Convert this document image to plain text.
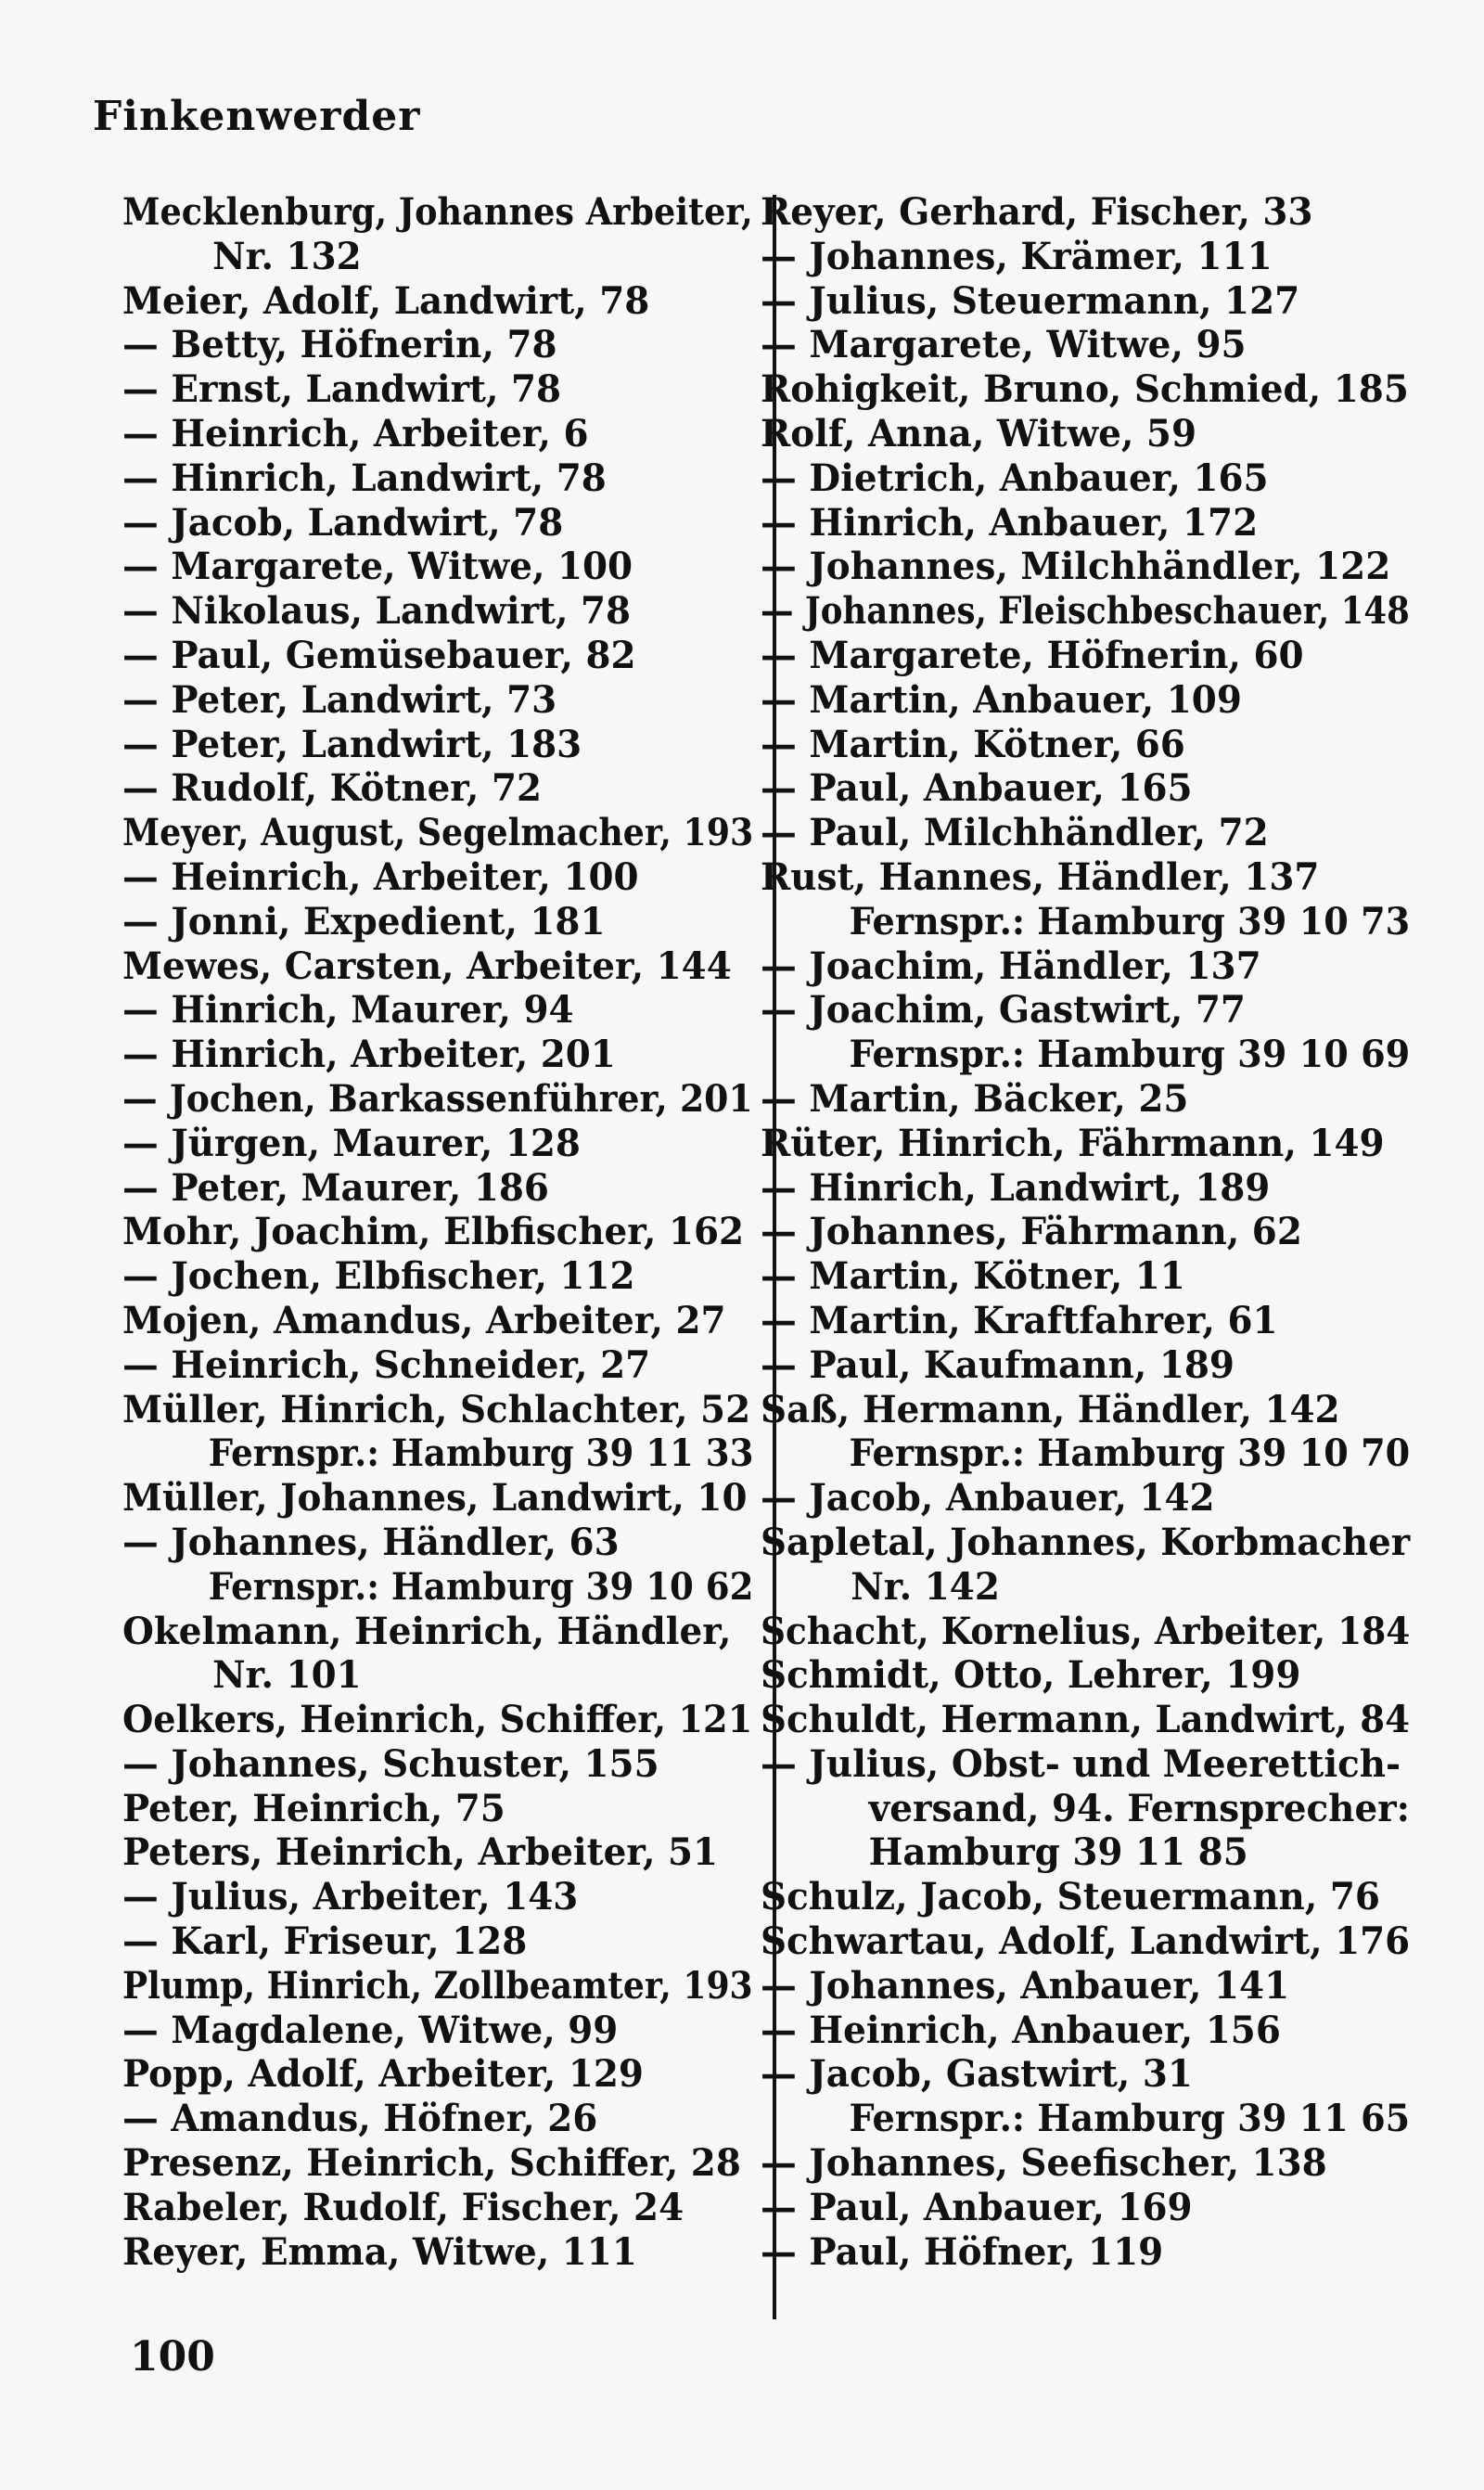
Finkenwerder
Mecklenburg, Johannes Arbeiter,
Nr. 132
Meier, Adolf, Landwirt, 78
— Betty, Höfnerin, 78
— Ernst, Landwirt, 78
— Heinrich, Arbeiter, 6
— Hinrich, Landwirt, 78
— Jacob, Landwirt, 78
— Margarete, Witwe, 100
— Nikolaus, Landwirt, 78
— Paul, Gemüsebauer, 82
— Peter, Landwirt, 73
— Peter, Landwirt, 183
— Rudolf, Kötner, 72
Meyer, August, Segelmacher, 193
— Heinrich, Arbeiter, 100
— Jonni, Expedient, 181
Mewes, Carsten, Arbeiter, 144
— Hinrich, Maurer, 94
— Hinrich, Arbeiter, 201
— Jochen, Barkassenführer, 201
— Jürgen, Maurer, 128
— Peter, Maurer, 186
Mohr, Joachim, Elbfischer, 162
— Jochen, Elbfischer, 112
Mojen, Amandus, Arbeiter, 27
— Heinrich, Schneider, 27
Müller, Hinrich, Schlachter, 52
Fernspr.: Hamburg 39 11 33
Müller, Johannes, Landwirt, 10
— Johannes, Händler, 63
Fernspr.: Hamburg 39 10 62
Okelmann, Heinrich, Händler,
Nr. 101
Oelkers, Heinrich, Schiffer, 121
— Johannes, Schuster, 155
Peter, Heinrich, 75
Peters, Heinrich, Arbeiter, 51
— Julius, Arbeiter, 143
— Karl, Friseur, 128
Plump, Hinrich, Zollbeamter, 193
— Magdalene, Witwe, 99
Popp, Adolf, Arbeiter, 129
— Amandus, Höfner, 26
Presenz, Heinrich, Schiffer, 28
Rabeler, Rudolf, Fischer, 24
Reyer, Emma, Witwe, 111
Reyer, Gerhard, Fischer, 33
— Johannes, Krämer, 111
— Julius, Steuermann, 127
— Margarete, Witwe, 95
Rohigkeit, Bruno, Schmied, 185
Rolf, Anna, Witwe, 59
— Dietrich, Anbauer, 165
— Hinrich, Anbauer, 172
— Johannes, Milchhändler, 122
— Johannes, Fleischbeschauer, 148
— Margarete, Höfnerin, 60
— Martin, Anbauer, 109
— Martin, Kötner, 66
— Paul, Anbauer, 165
— Paul, Milchhändler, 72
Rust, Hannes, Händler, 137
Fernspr.: Hamburg 39 10 73
— Joachim, Händler, 137
— Joachim, Gastwirt, 77
Fernspr.: Hamburg 39 10 69
— Martin, Bäcker, 25
Rüter, Hinrich, Fährmann, 149
— Hinrich, Landwirt, 189
— Johannes, Fährmann, 62
— Martin, Kötner, 11
— Martin, Kraftfahrer, 61
— Paul, Kaufmann, 189
Saß, Hermann, Händler, 142
Fernspr.: Hamburg 39 10 70
— Jacob, Anbauer, 142
Sapletal, Johannes, Korbmacher
Nr. 142
Schacht, Kornelius, Arbeiter, 184
Schmidt, Otto, Lehrer, 199
Schuldt, Hermann, Landwirt, 84
— Julius, Obst- und Meerettich-
versand, 94. Fernsprecher:
Hamburg 39 11 85
Schulz, Jacob, Steuermann, 76
Schwartau, Adolf, Landwirt, 176
— Johannes, Anbauer, 141
— Heinrich, Anbauer, 156
— Jacob, Gastwirt, 31
Fernspr.: Hamburg 39 11 65
— Johannes, Seefischer, 138
— Paul, Anbauer, 169
— Paul, Höfner, 119
100
